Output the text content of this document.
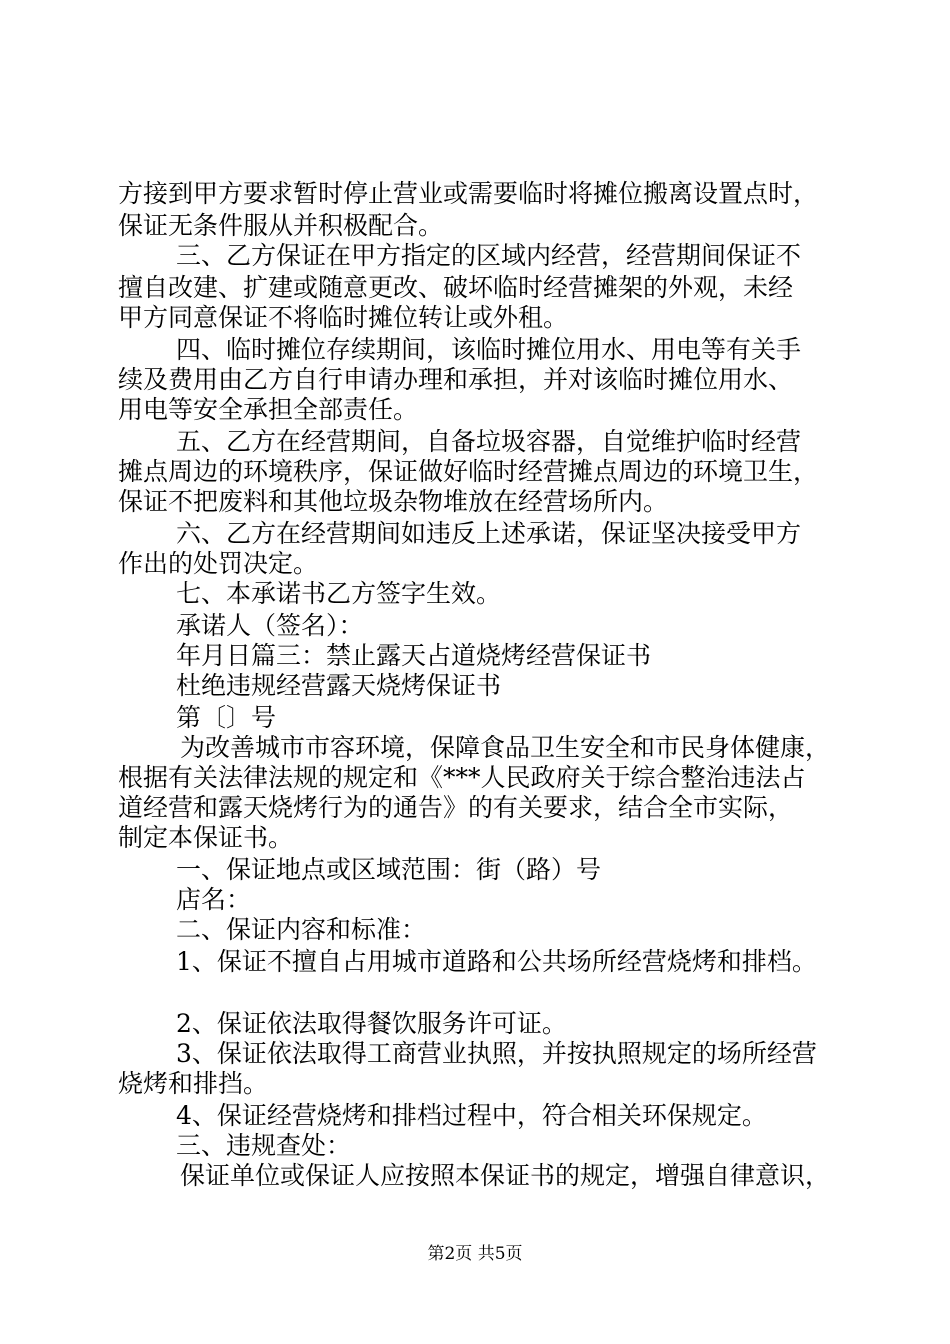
方接到甲方要求暂时停止营业或需要临时将摊位搬离设置点时，
保证无条件服从并积极配合。
三、乙方保证在甲方指定的区域内经营，经营期间保证不
擅自改建、扩建或随意更改、破坏临时经营摊架的外观，未经
甲方同意保证不将临时摊位转让或外租。
四、临时摊位存续期间，该临时摊位用水、用电等有关手
续及费用由乙方自行申请办理和承担，并对该临时摊位用水、
用电等安全承担全部责任。
五、乙方在经营期间，自备垃圾容器，自觉维护临时经营
摊点周边的环境秩序，保证做好临时经营摊点周边的环境卫生，
保证不把废料和其他垃圾杂物堆放在经营场所内。
六、乙方在经营期间如违反上述承诺，保证坚决接受甲方
作出的处罚决定。
七、本承诺书乙方签字生效。
承诺人（签名）：
年月日篇三：禁止露天占道烧烤经营保证书
杜绝违规经营露天烧烤保证书
第〔〕号
为改善城市市容环境，保障食品卫生安全和市民身体健康，
根据有关法律法规的规定和《***人民政府关于综合整治违法占
道经营和露天烧烤行为的通告》的有关要求，结合全市实际，
制定本保证书。
一、保证地点或区域范围：街（路）号
店名：
二、保证内容和标准：
1、保证不擅自占用城市道路和公共场所经营烧烤和排档。
2、保证依法取得餐饮服务许可证。
3、保证依法取得工商营业执照，并按执照规定的场所经营
烧烤和排挡。
4、保证经营烧烤和排档过程中，符合相关环保规定。
三、违规查处：
保证单位或保证人应按照本保证书的规定，增强自律意识，
第2页 共5页
